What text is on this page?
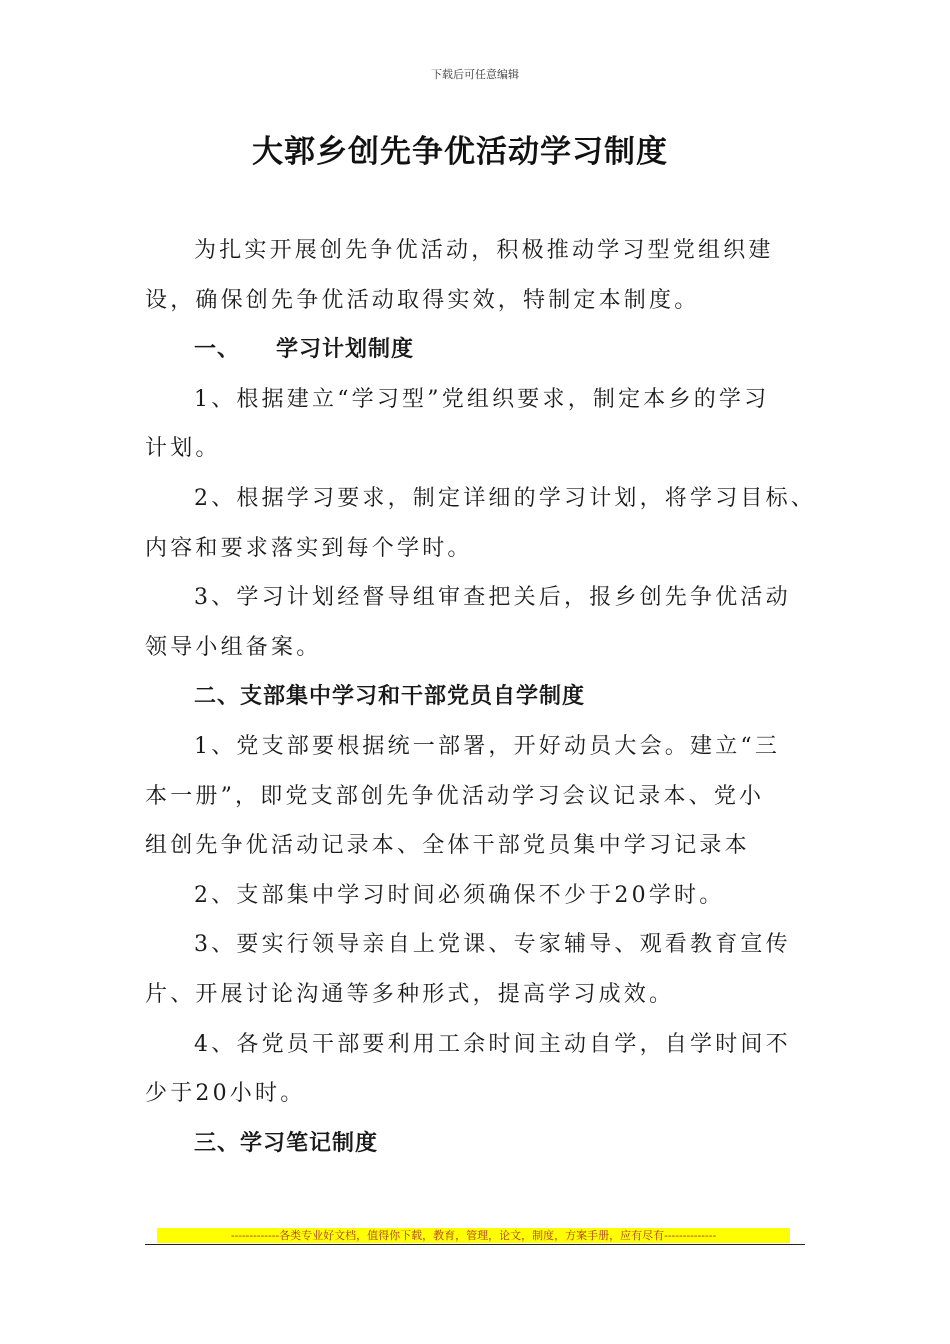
下载后可任意编辑
大郭乡创先争优活动学习制度
为扎实开展创先争优活动，积极推动学习型党组织建
设，确保创先争优活动取得实效，特制定本制度。
一、 学习计划制度
1、根据建立“学习型”党组织要求，制定本乡的学习
计划。
2、根据学习要求，制定详细的学习计划，将学习目标、
内容和要求落实到每个学时。
3、学习计划经督导组审查把关后，报乡创先争优活动
领导小组备案。
二、支部集中学习和干部党员自学制度
1、党支部要根据统一部署，开好动员大会。建立“三
本一册”，即党支部创先争优活动学习会议记录本、党小
组创先争优活动记录本、全体干部党员集中学习记录本
2、支部集中学习时间必须确保不少于20学时。
3、要实行领导亲自上党课、专家辅导、观看教育宣传
片、开展讨论沟通等多种形式，提高学习成效。
4、各党员干部要利用工余时间主动自学，自学时间不
少于20小时。
三、学习笔记制度
-------------各类专业好文档，值得你下载，教育，管理，论文，制度，方案手册，应有尽有--------------
